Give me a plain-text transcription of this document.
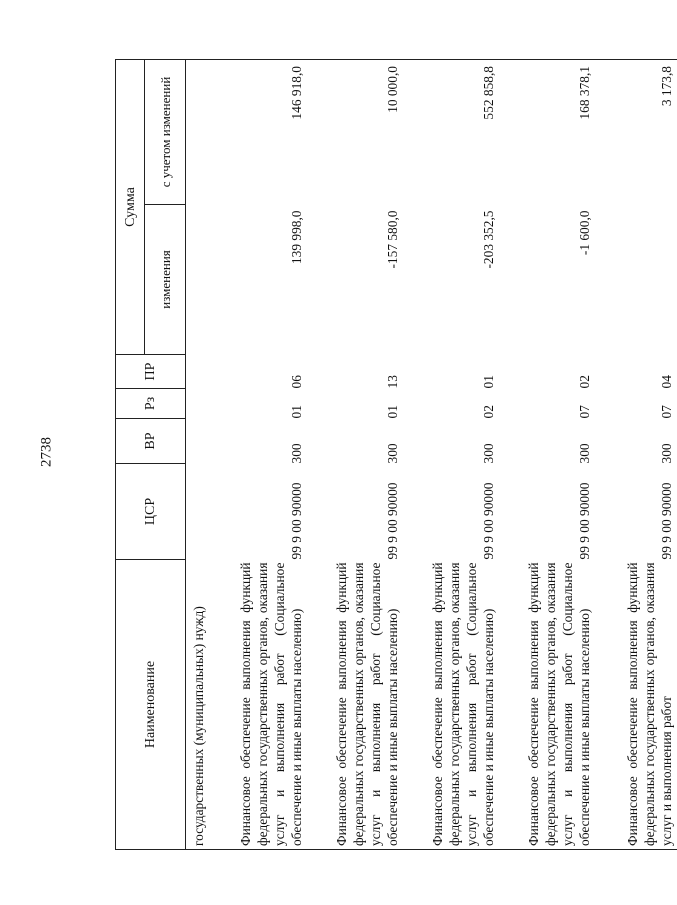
2738
Наименование	ЦСР	ВР	Рз	ПР	Сумма	
					изменения	с учетом изменений
государственных (муниципальных) нужд)						

Финансовое обеспечение выполнения функций федеральных государственных органов, оказания услуг и выполнения работ (Социальное обеспечение и иные выплаты населению)	99 9 00 90000	300	01	06	139 998,0	146 918,0

Финансовое обеспечение выполнения функций федеральных государственных органов, оказания услуг и выполнения работ (Социальное обеспечение и иные выплаты населению)	99 9 00 90000	300	01	13	-157 580,0	10 000,0

Финансовое обеспечение выполнения функций федеральных государственных органов, оказания услуг и выполнения работ (Социальное обеспечение и иные выплаты населению)	99 9 00 90000	300	02	01	-203 352,5	552 858,8

Финансовое обеспечение выполнения функций федеральных государственных органов, оказания услуг и выполнения работ (Социальное обеспечение и иные выплаты населению)	99 9 00 90000	300	07	02	-1 600,0	168 378,1

Финансовое обеспечение выполнения функций федеральных государственных органов, оказания услуг и выполнения работ	99 9 00 90000	300	07	04		3 173,8
